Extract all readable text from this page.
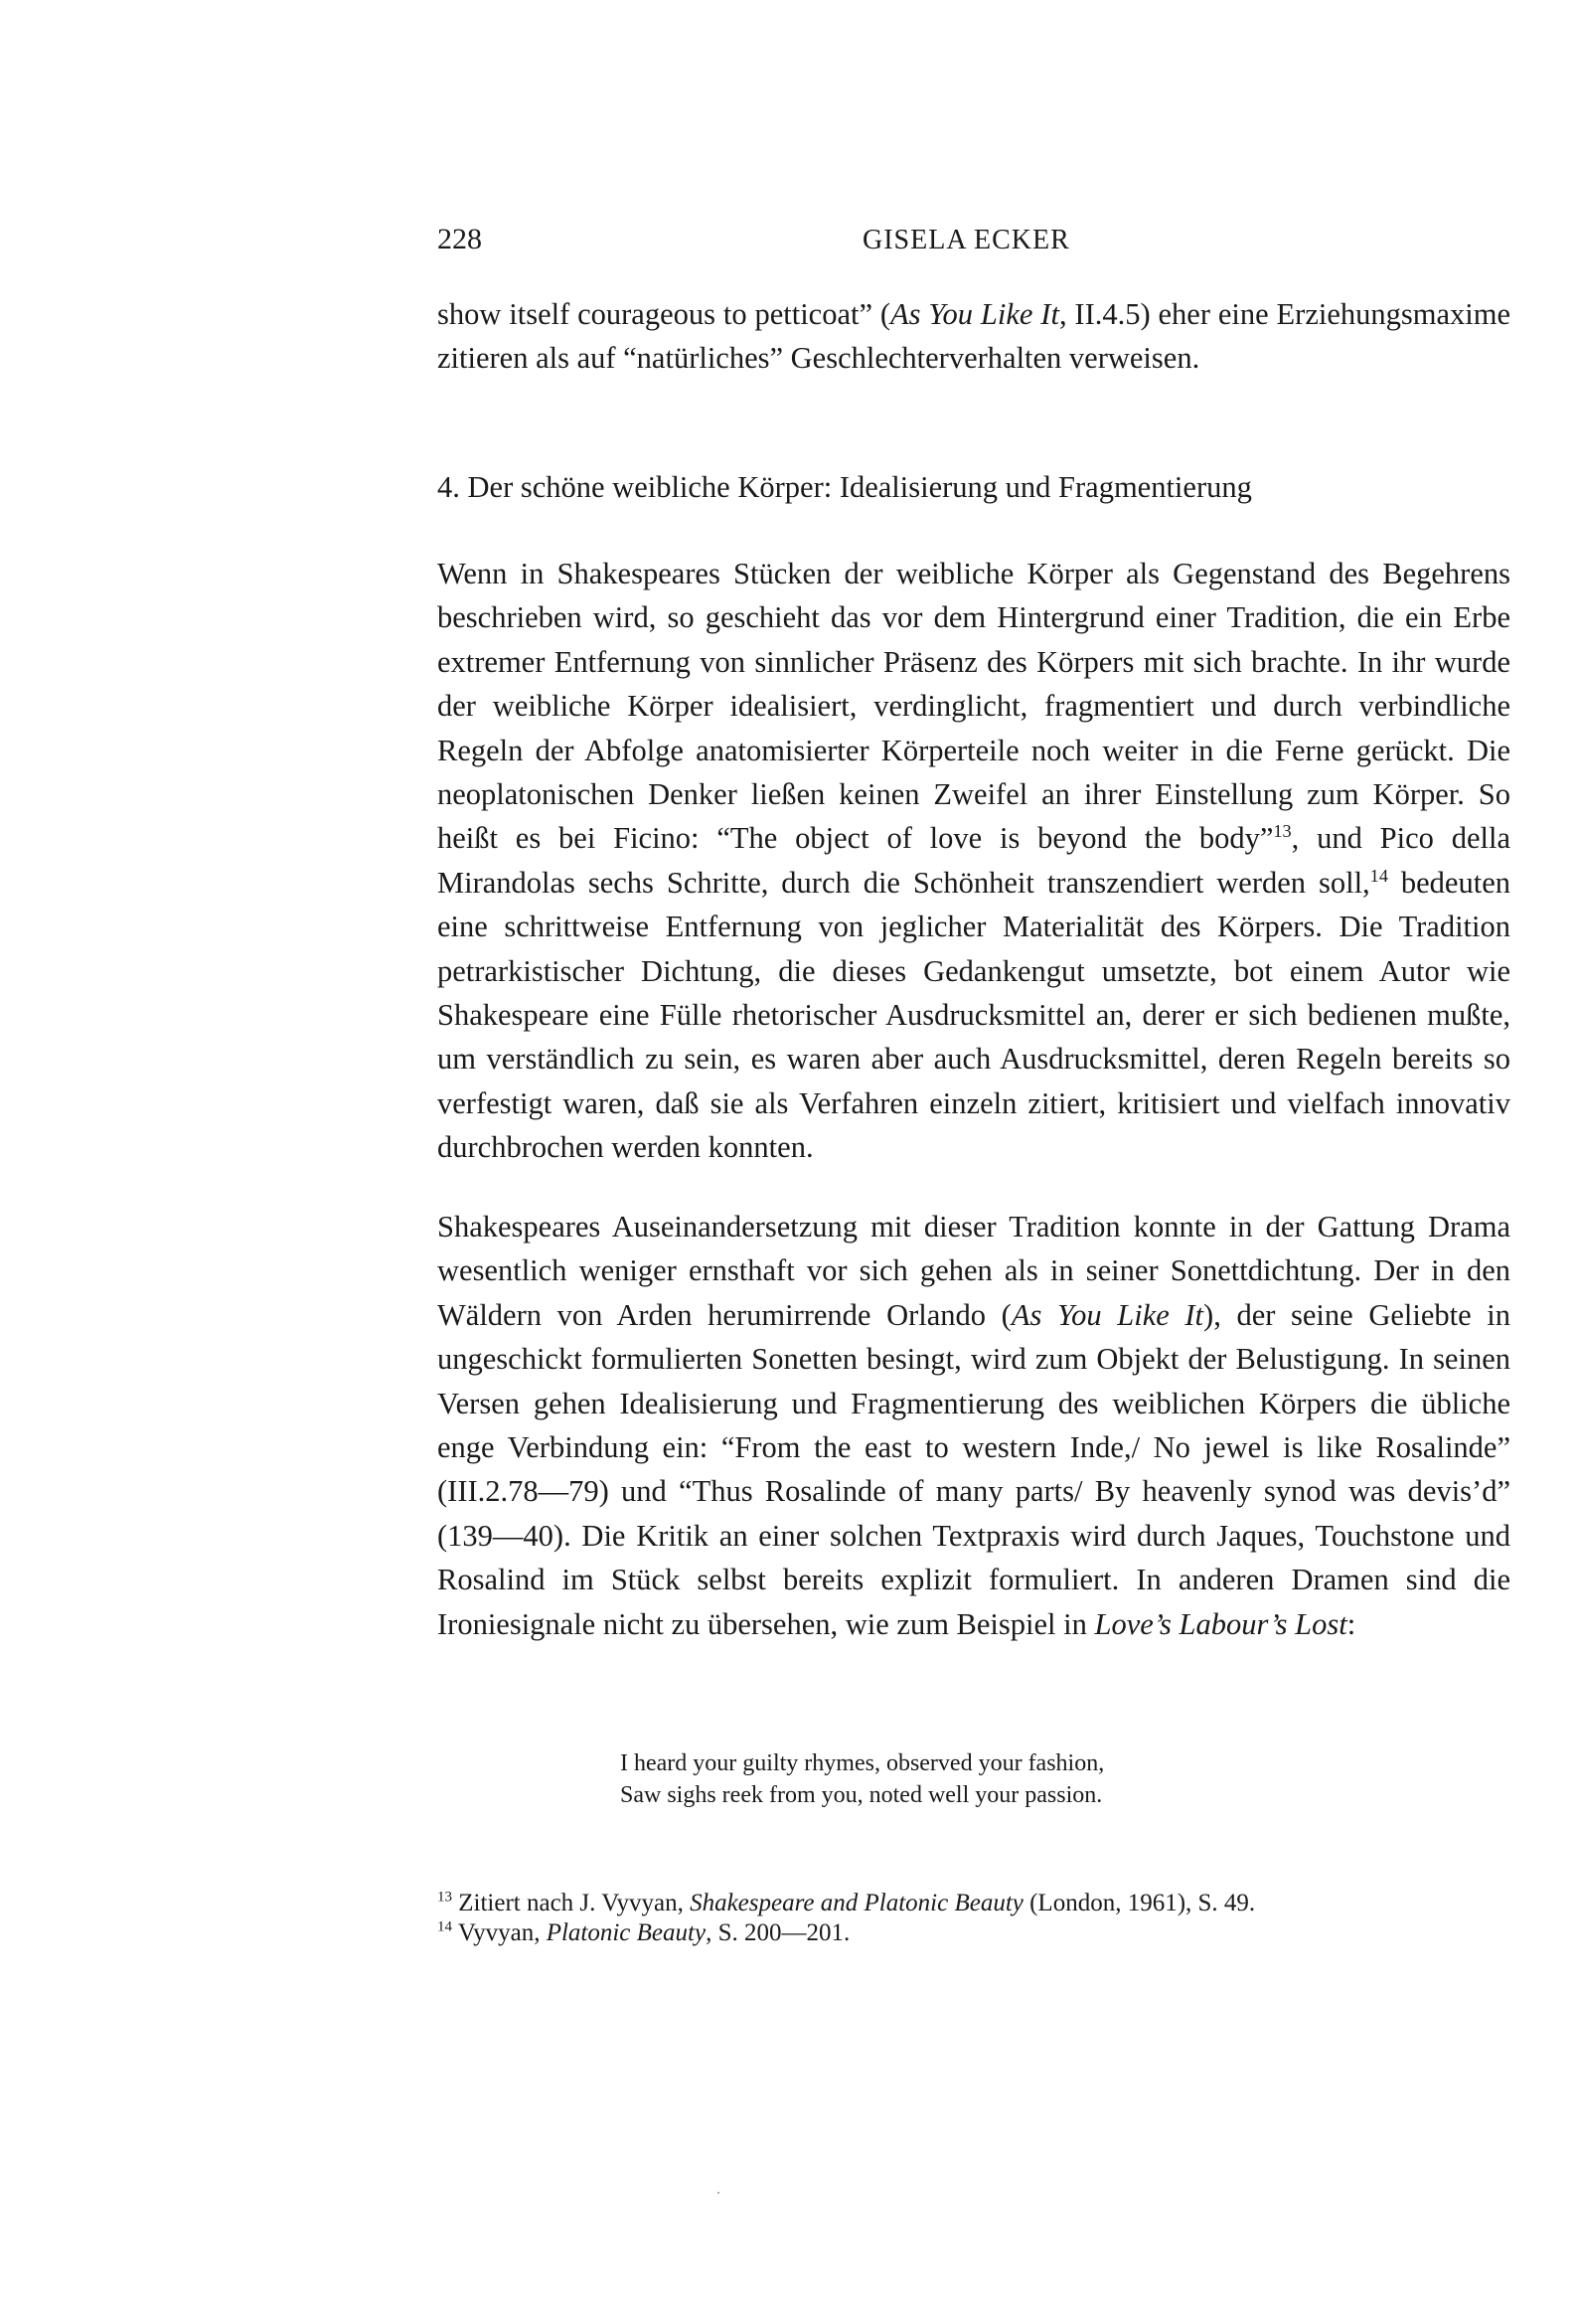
228	GISELA ECKER

show itself courageous to petticoat” (As You Like It, II.4.5) eher eine Erziehungsmaxime zitieren als auf “natürliches” Geschlechterverhalten verweisen.

4. Der schöne weibliche Körper: Idealisierung und Fragmentierung

Wenn in Shakespeares Stücken der weibliche Körper als Gegenstand des Begehrens beschrieben wird, so geschieht das vor dem Hintergrund einer Tradition, die ein Erbe extremer Entfernung von sinnlicher Präsenz des Körpers mit sich brachte. In ihr wurde der weibliche Körper idealisiert, verdinglicht, fragmentiert und durch verbindliche Regeln der Abfolge anatomisierter Körperteile noch weiter in die Ferne gerückt. Die neoplatonischen Denker ließen keinen Zweifel an ihrer Einstellung zum Körper. So heißt es bei Ficino: “The object of love is beyond the body”$^{13}$, und Pico della Mirandolas sechs Schritte, durch die Schönheit transzendiert werden soll,$^{14}$ bedeuten eine schrittweise Entfernung von jeglicher Materialität des Körpers. Die Tradition petrarkistischer Dichtung, die dieses Gedankengut umsetzte, bot einem Autor wie Shakespeare eine Fülle rhetorischer Ausdrucksmittel an, derer er sich bedienen mußte, um verständlich zu sein, es waren aber auch Ausdrucksmittel, deren Regeln bereits so verfestigt waren, daß sie als Verfahren einzeln zitiert, kritisiert und vielfach innovativ durchbrochen werden konnten.

Shakespeares Auseinandersetzung mit dieser Tradition konnte in der Gattung Drama wesentlich weniger ernsthaft vor sich gehen als in seiner Sonettdichtung. Der in den Wäldern von Arden herumirrende Orlando (As You Like It), der seine Geliebte in ungeschickt formulierten Sonetten besingt, wird zum Objekt der Belustigung. In seinen Versen gehen Idealisierung und Fragmentierung des weiblichen Körpers die übliche enge Verbindung ein: “From the east to western Inde,/ No jewel is like Rosalinde” (III.2.78—79) und “Thus Rosalinde of many parts/ By heavenly synod was devis’d” (139—40). Die Kritik an einer solchen Textpraxis wird durch Jaques, Touchstone und Rosalind im Stück selbst bereits explizit formuliert. In anderen Dramen sind die Ironiesignale nicht zu übersehen, wie zum Beispiel in Love’s Labour’s Lost:

I heard your guilty rhymes, observed your fashion,
Saw sighs reek from you, noted well your passion.
$^{13}$ Zitiert nach J. Vyvyan, Shakespeare and Platonic Beauty (London, 1961), S. 49.
$^{14}$ Vyvyan, Platonic Beauty, S. 200—201.
